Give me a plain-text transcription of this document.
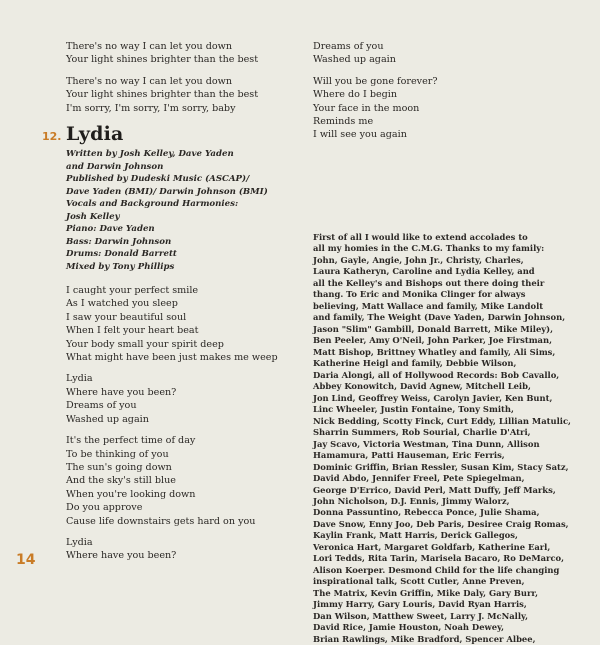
There's no way I can let you down
Your light shines brighter than the best
There's no way I can let you down
Your light shines brighter than the best
I'm sorry, I'm sorry, I'm sorry, baby
12. Lydia
Written by Josh Kelley, Dave Yaden
and Darwin Johnson
Published by Dudeski Music (ASCAP)/
Dave Yaden (BMI)/ Darwin Johnson (BMI)
Vocals and Background Harmonies:
Josh Kelley
Piano: Dave Yaden
Bass: Darwin Johnson
Drums: Donald Barrett
Mixed by Tony Phillips
I caught your perfect smile
As I watched you sleep
I saw your beautiful soul
When I felt your heart beat
Your body small your spirit deep
What might have been just makes me weep
Lydia
Where have you been?
Dreams of you
Washed up again
It's the perfect time of day
To be thinking of you
The sun's going down
And the sky's still blue
When you're looking down
Do you approve
Cause life downstairs gets hard on you
Lydia
Where have you been?
Dreams of you
Washed up again
Will you be gone forever?
Where do I begin
Your face in the moon
Reminds me
I will see you again
First of all I would like to extend accolades to
all my homies in the C.M.G. Thanks to my family:
John, Gayle, Angie, John Jr., Christy, Charles,
Laura Katheryn, Caroline and Lydia Kelley, and
all the Kelley's and Bishops out there doing their
thang. To Eric and Monika Clinger for always
believing, Matt Wallace and family, Mike Landolt
and family, The Weight (Dave Yaden, Darwin Johnson,
Jason "Slim" Gambill, Donald Barrett, Mike Miley),
Ben Peeler, Amy O'Neil, John Parker, Joe Firstman,
Matt Bishop, Brittney Whatley and family, Ali Sims,
Katherine Heigl and family, Debbie Wilson,
Daria Alongi, all of Hollywood Records: Bob Cavallo,
Abbey Konowitch, David Agnew, Mitchell Leib,
Jon Lind, Geoffrey Weiss, Carolyn Javier, Ken Bunt,
Linc Wheeler, Justin Fontaine, Tony Smith,
Nick Bedding, Scotty Finck, Curt Eddy, Lillian Matulic,
Sharrin Summers, Rob Sourial, Charlie D'Atri,
Jay Scavo, Victoria Westman, Tina Dunn, Allison
Hamamura, Patti Hauseman, Eric Ferris,
Dominic Griffin, Brian Ressler, Susan Kim, Stacy Satz,
David Abdo, Jennifer Freel, Pete Spiegelman,
George D'Errico, David Perl, Matt Duffy, Jeff Marks,
John Nicholson, D.J. Ennis, Jimmy Walorz,
Donna Passuntino, Rebecca Ponce, Julie Shama,
Dave Snow, Enny Joo, Deb Paris, Desiree Craig Romas,
Kaylin Frank, Matt Harris, Derick Gallegos,
Veronica Hart, Margaret Goldfarb, Katherine Earl,
Lori Tedds, Rita Tarin, Marisela Bacaro, Ro DeMarco,
Alison Koerper. Desmond Child for the life changing
inspirational talk, Scott Cutler, Anne Preven,
The Matrix, Kevin Griffin, Mike Daly, Gary Burr,
Jimmy Harry, Gary Louris, David Ryan Harris,
Dan Wilson, Matthew Sweet, Larry J. McNally,
David Rice, Jamie Houston, Noah Dewey,
Brian Rawlings, Mike Bradford, Spencer Albee,
14
